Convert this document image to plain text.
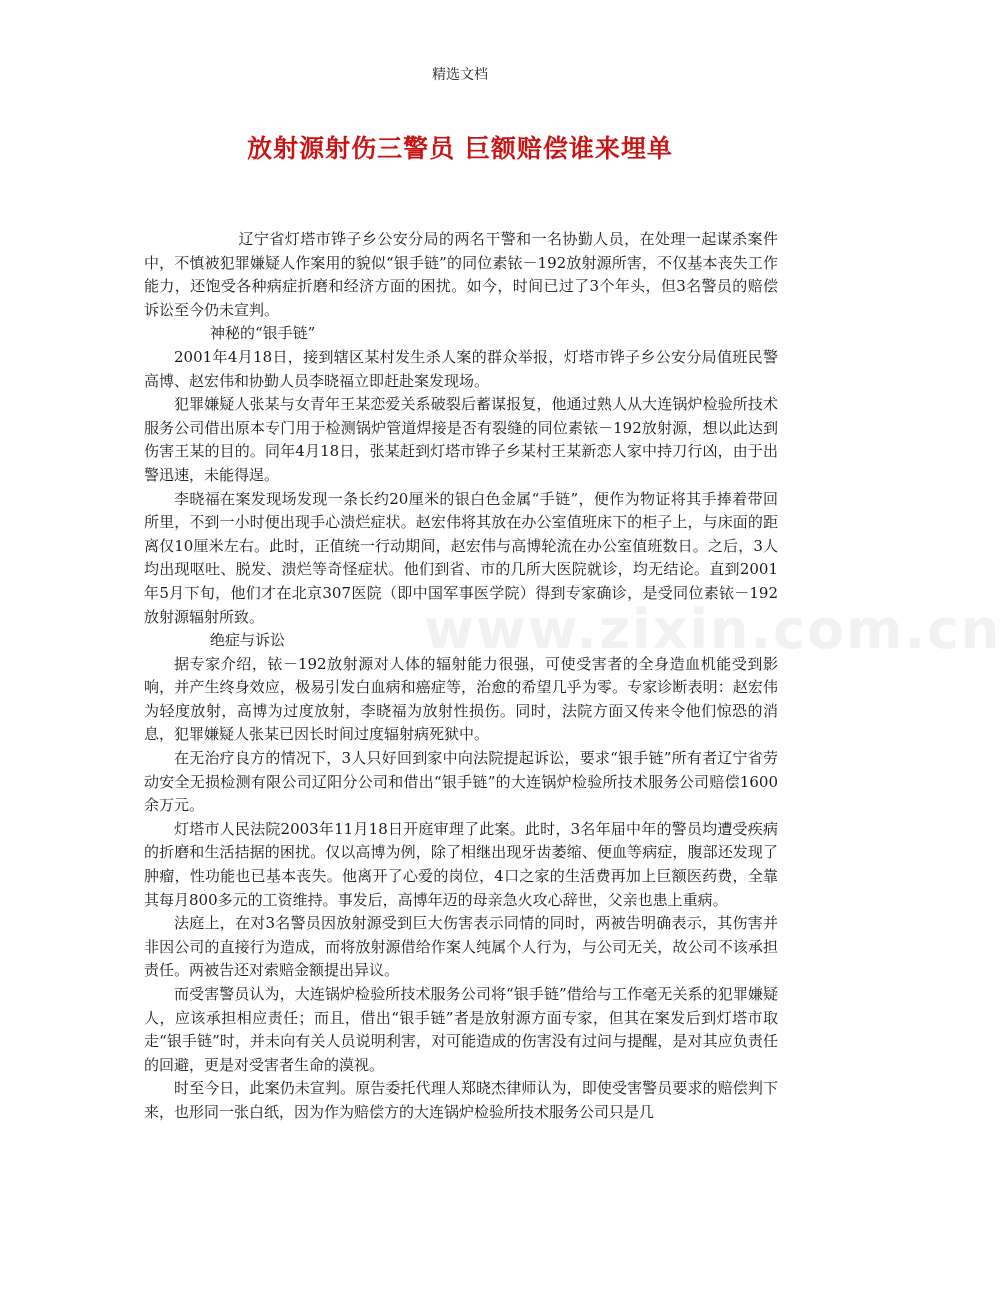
精选文档
放射源射伤三警员 巨额赔偿谁来埋单
www.zixin.com.cn

辽宁省灯塔市铧子乡公安分局的两名干警和一名协勤人员，在处理一起谋杀案件中，不慎被犯罪嫌疑人作案用的貌似“银手链”的同位素铱－192放射源所害，不仅基本丧失工作能力，还饱受各种病症折磨和经济方面的困扰。如今，时间已过了3个年头，但3名警员的赔偿诉讼至今仍未宣判。

神秘的“银手链”

2001年4月18日，接到辖区某村发生杀人案的群众举报，灯塔市铧子乡公安分局值班民警高博、赵宏伟和协勤人员李晓福立即赶赴案发现场。

犯罪嫌疑人张某与女青年王某恋爱关系破裂后蓄谋报复，他通过熟人从大连锅炉检验所技术服务公司借出原本专门用于检测锅炉管道焊接是否有裂缝的同位素铱－192放射源，想以此达到伤害王某的目的。同年4月18日，张某赶到灯塔市铧子乡某村王某新恋人家中持刀行凶，由于出警迅速，未能得逞。

李晓福在案发现场发现一条长约20厘米的银白色金属“手链”，便作为物证将其手捧着带回所里，不到一小时便出现手心溃烂症状。赵宏伟将其放在办公室值班床下的柜子上，与床面的距离仅10厘米左右。此时，正值统一行动期间，赵宏伟与高博轮流在办公室值班数日。之后，3人均出现呕吐、脱发、溃烂等奇怪症状。他们到省、市的几所大医院就诊，均无结论。直到2001年5月下旬，他们才在北京307医院（即中国军事医学院）得到专家确诊，是受同位素铱－192放射源辐射所致。

绝症与诉讼

据专家介绍，铱－192放射源对人体的辐射能力很强，可使受害者的全身造血机能受到影响，并产生终身效应，极易引发白血病和癌症等，治愈的希望几乎为零。专家诊断表明：赵宏伟为轻度放射，高博为过度放射，李晓福为放射性损伤。同时，法院方面又传来令他们惊恐的消息，犯罪嫌疑人张某已因长时间过度辐射病死狱中。

在无治疗良方的情况下，3人只好回到家中向法院提起诉讼，要求“银手链”所有者辽宁省劳动安全无损检测有限公司辽阳分公司和借出“银手链”的大连锅炉检验所技术服务公司赔偿1600余万元。

灯塔市人民法院2003年11月18日开庭审理了此案。此时，3名年届中年的警员均遭受疾病的折磨和生活拮据的困扰。仅以高博为例，除了相继出现牙齿萎缩、便血等病症，腹部还发现了肿瘤，性功能也已基本丧失。他离开了心爱的岗位，4口之家的生活费再加上巨额医药费，全靠其每月800多元的工资维持。事发后，高博年迈的母亲急火攻心辞世，父亲也患上重病。

法庭上，在对3名警员因放射源受到巨大伤害表示同情的同时，两被告明确表示，其伤害并非因公司的直接行为造成，而将放射源借给作案人纯属个人行为，与公司无关，故公司不该承担责任。两被告还对索赔金额提出异议。

而受害警员认为，大连锅炉检验所技术服务公司将“银手链”借给与工作毫无关系的犯罪嫌疑人，应该承担相应责任；而且，借出“银手链”者是放射源方面专家，但其在案发后到灯塔市取走“银手链”时，并未向有关人员说明利害，对可能造成的伤害没有过问与提醒，是对其应负责任的回避，更是对受害者生命的漠视。

时至今日，此案仍未宣判。原告委托代理人郑晓杰律师认为，即使受害警员要求的赔偿判下来，也形同一张白纸，因为作为赔偿方的大连锅炉检验所技术服务公司只是几
